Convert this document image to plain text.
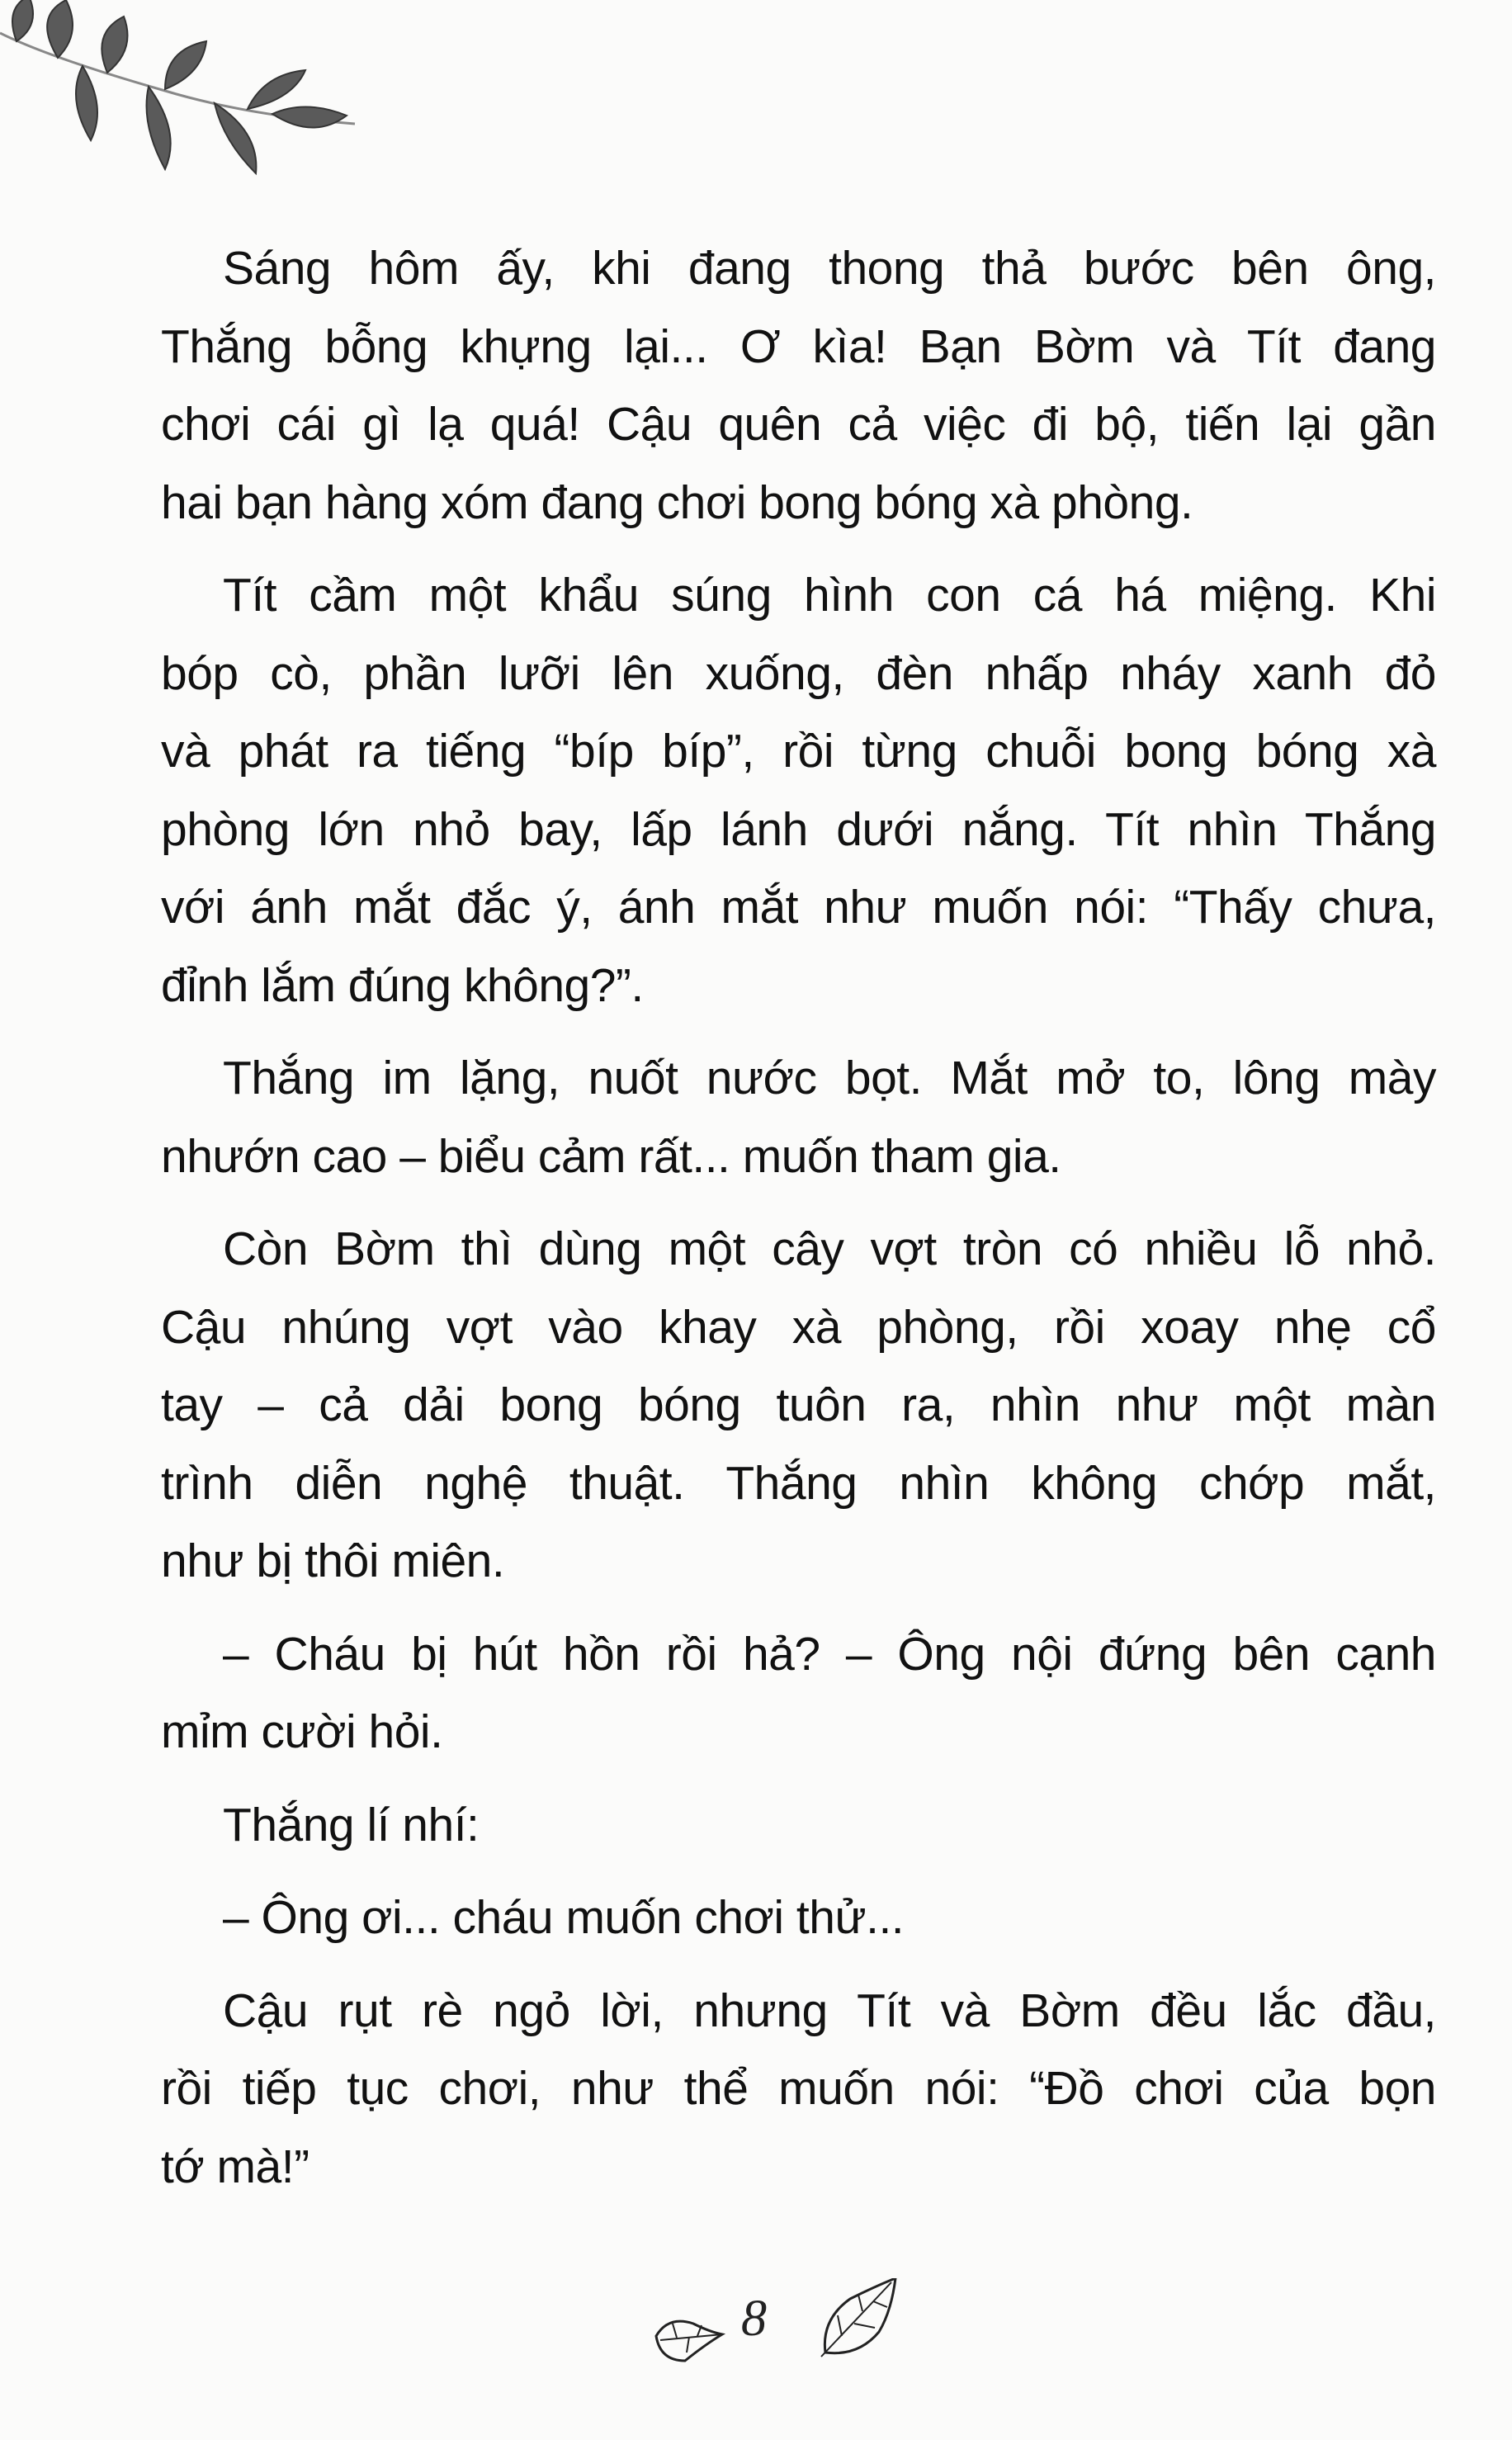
Sáng hôm ấy, khi đang thong thả bước bên ông,
Thắng bỗng khựng lại... Ơ kìa! Bạn Bờm và Tít đang
chơi cái gì lạ quá! Cậu quên cả việc đi bộ, tiến lại gần
hai bạn hàng xóm đang chơi bong bóng xà phòng.
Tít cầm một khẩu súng hình con cá há miệng. Khi
bóp cò, phần lưỡi lên xuống, đèn nhấp nháy xanh đỏ
và phát ra tiếng “bíp bíp”, rồi từng chuỗi bong bóng xà
phòng lớn nhỏ bay, lấp lánh dưới nắng. Tít nhìn Thắng
với ánh mắt đắc ý, ánh mắt như muốn nói: “Thấy chưa,
đỉnh lắm đúng không?”.
Thắng im lặng, nuốt nước bọt. Mắt mở to, lông mày
nhướn cao – biểu cảm rất... muốn tham gia.
Còn Bờm thì dùng một cây vợt tròn có nhiều lỗ nhỏ.
Cậu nhúng vợt vào khay xà phòng, rồi xoay nhẹ cổ
tay – cả dải bong bóng tuôn ra, nhìn như một màn
trình diễn nghệ thuật. Thắng nhìn không chớp mắt,
như bị thôi miên.
– Cháu bị hút hồn rồi hả? – Ông nội đứng bên cạnh
mỉm cười hỏi.
Thắng lí nhí:
– Ông ơi... cháu muốn chơi thử...
Cậu rụt rè ngỏ lời, nhưng Tít và Bờm đều lắc đầu,
rồi tiếp tục chơi, như thể muốn nói: “Đồ chơi của bọn
tớ mà!”
8
